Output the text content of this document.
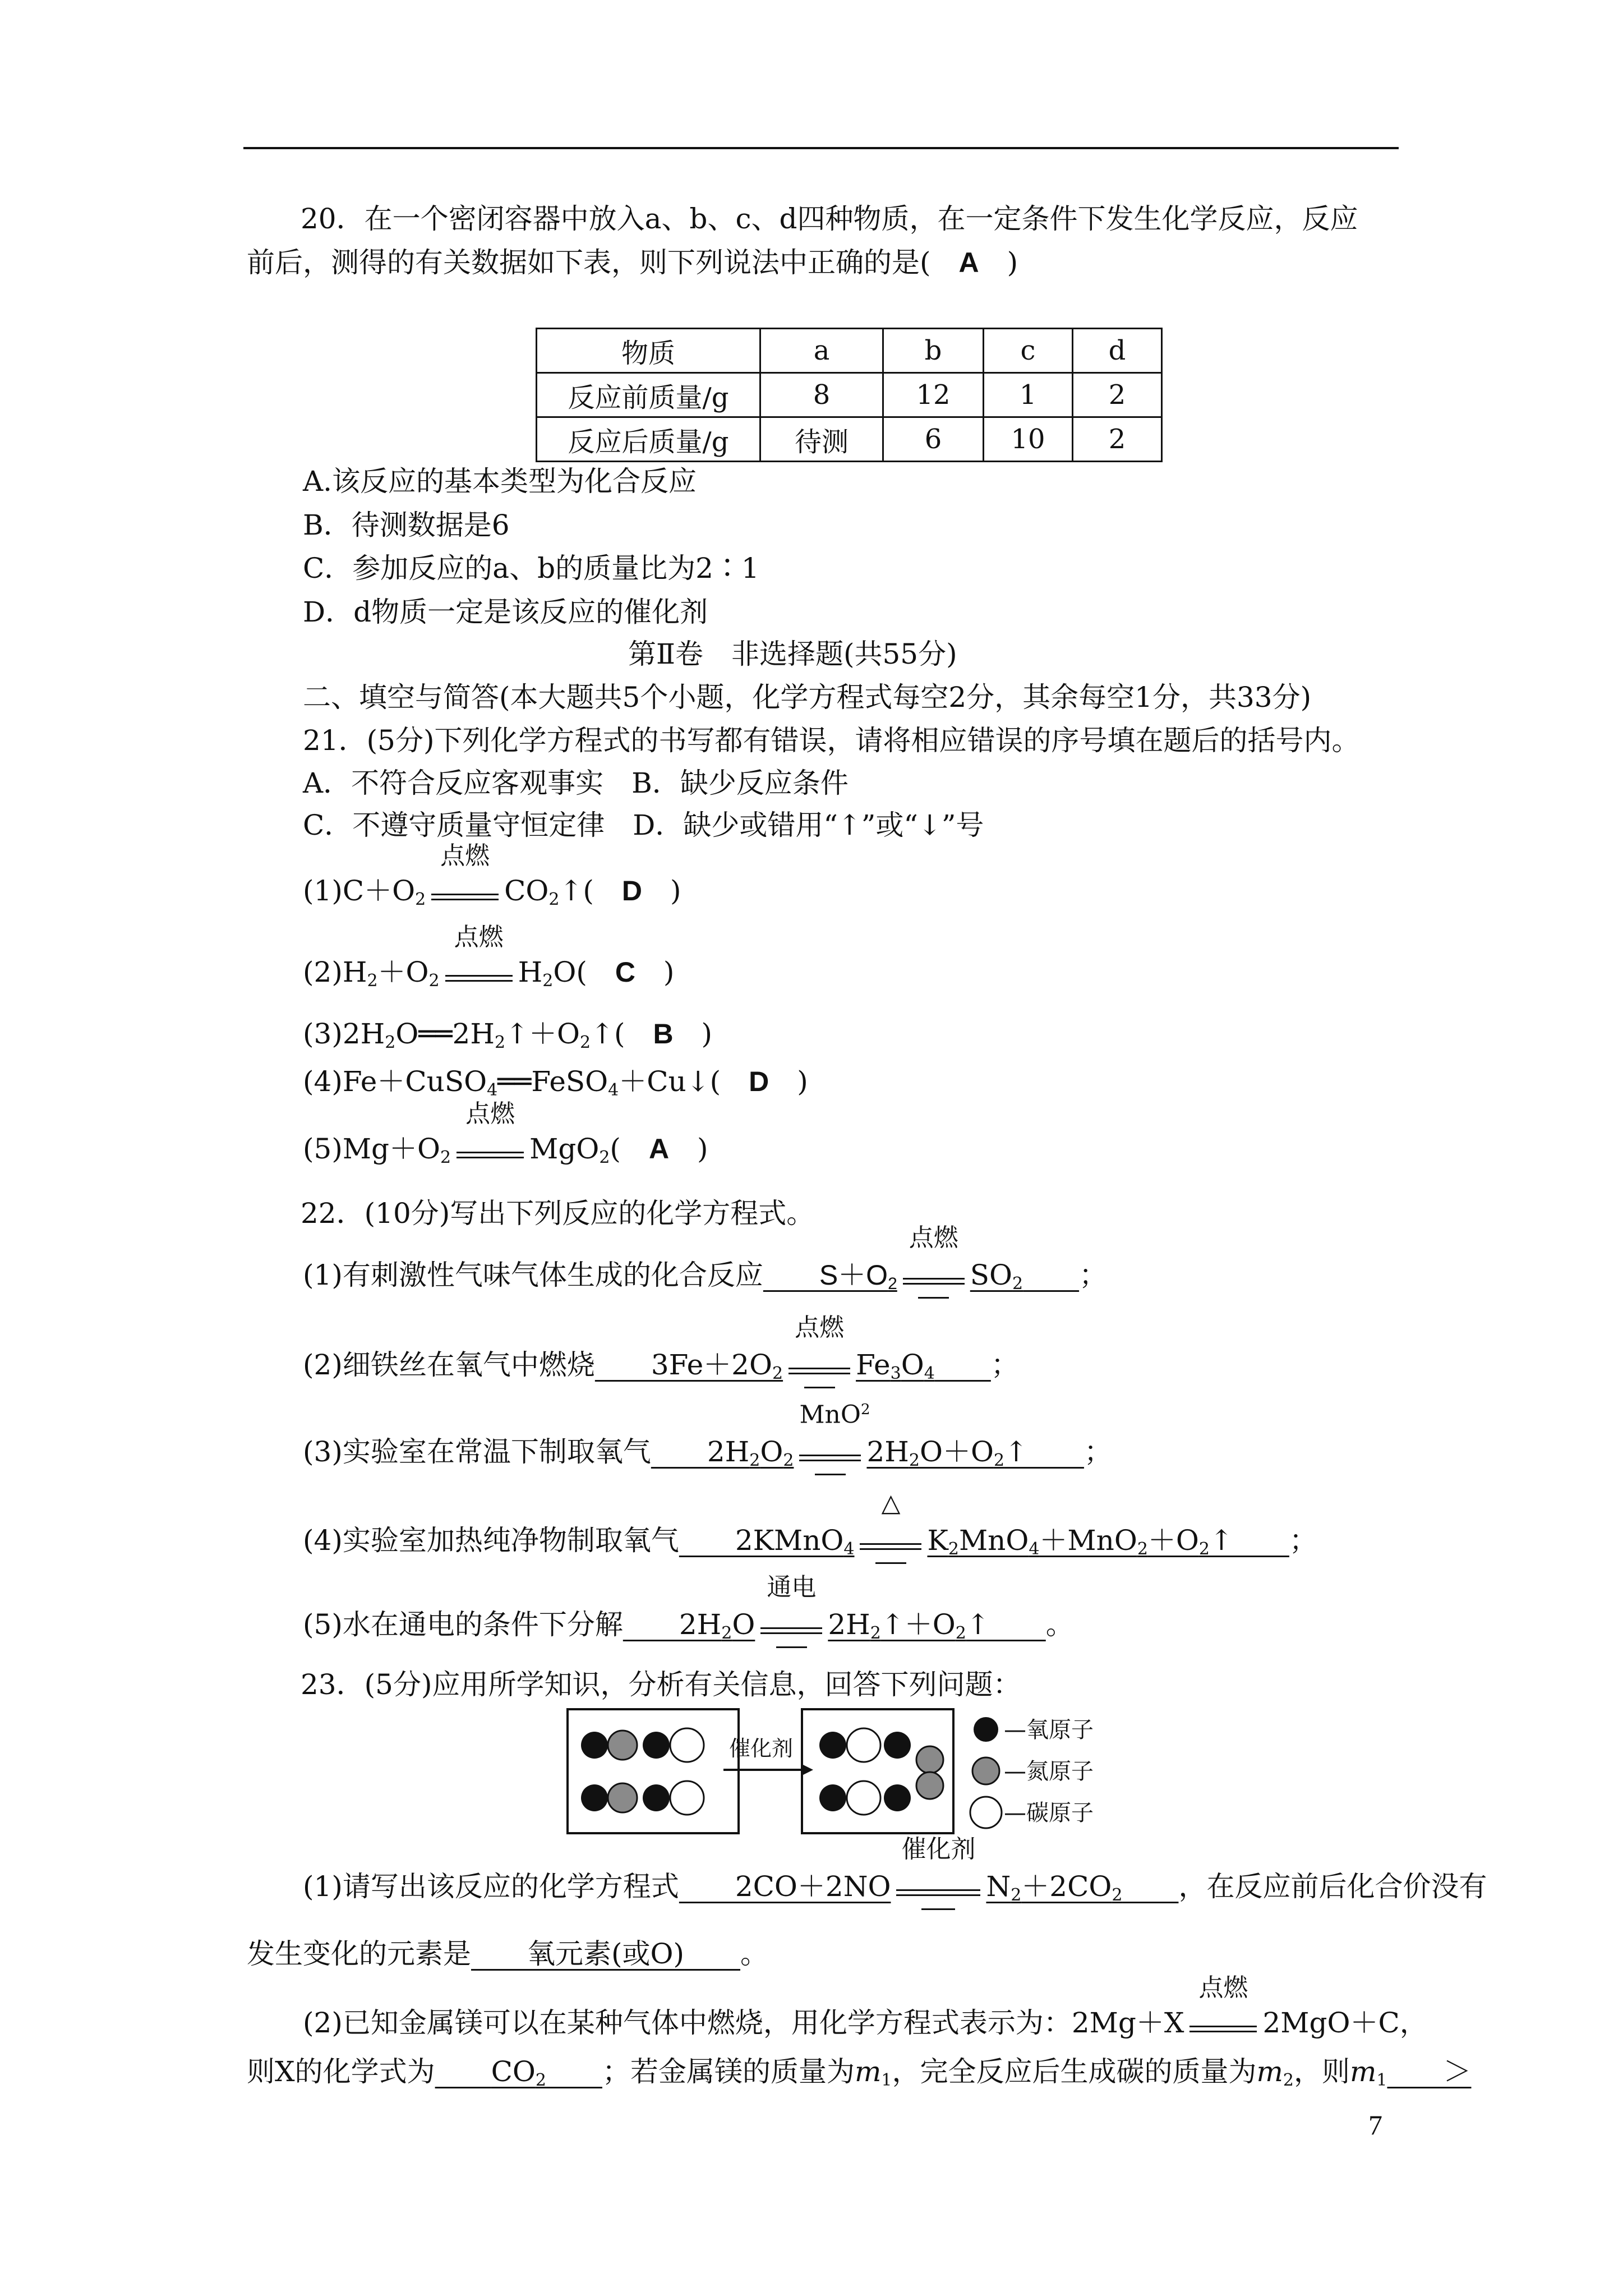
20．在一个密闭容器中放入a、b、c、d四种物质，在一定条件下发生化学反应，反应
前后，测得的有关数据如下表，则下列说法中正确的是(　 A　 )
物质	a	b	c	d
反应前质量/g	8	12	1	2
反应后质量/g	待测	6	10	2
A.该反应的基本类型为化合反应
B．待测数据是6
C．参加反应的a、b的质量比为2∶1
D．d物质一定是该反应的催化剂
第Ⅱ卷　非选择题(共55分)
二、填空与简答(本大题共5个小题，化学方程式每空2分，其余每空1分，共33分)
21．(5分)下列化学方程式的书写都有错误，请将相应错误的序号填在题后的括号内。
A．不符合反应客观事实　B．缺少反应条件
C．不遵守质量守恒定律　D．缺少或错用“↑”或“↓”号
(1)C＋O2
点燃
CO2↑(　D　)
(2)H2＋O2
点燃
H2O(　C　)
(3)2H2O══2H2↑＋O2↑(　B　)
(4)Fe＋CuSO4══FeSO4＋Cu↓(　D　)
(5)Mg＋O2
点燃
MgO2(　A　)
22．(10分)写出下列反应的化学方程式。
(1)有刺激性气味气体生成的化合反应　　S＋O2
点燃
SO2　　 ；
(2)细铁丝在氧气中燃烧　　3Fe＋2O2
点燃
Fe3O4　　 ；
(3)实验室在常温下制取氧气　　2H2O2
MnO$^2$
2H2O＋O2↑　　；
(4)实验室加热纯净物制取氧气　　2KMnO4
△
K2MnO4＋MnO2＋O2↑　　；
(5)水在通电的条件下分解　　2H2O
通电
2H2↑＋O2↑　　。
23．(5分)应用所学知识，分析有关信息，回答下列问题：
催化剂
—氧原子
—氮原子
—碳原子
(1)请写出该反应的化学方程式　　2CO＋2NO
催化剂
N2＋2CO2　　 ，在反应前后化合价没有
发生变化的元素是　　 氧元素(或O)　　 。
(2)已知金属镁可以在某种气体中燃烧，用化学方程式表示为：2Mg＋X
点燃
2MgO＋C，
则X的化学式为　　 CO2　　 ；若金属镁的质量为m1，完全反应后生成碳的质量为m2，则m1　　 ＞
7
